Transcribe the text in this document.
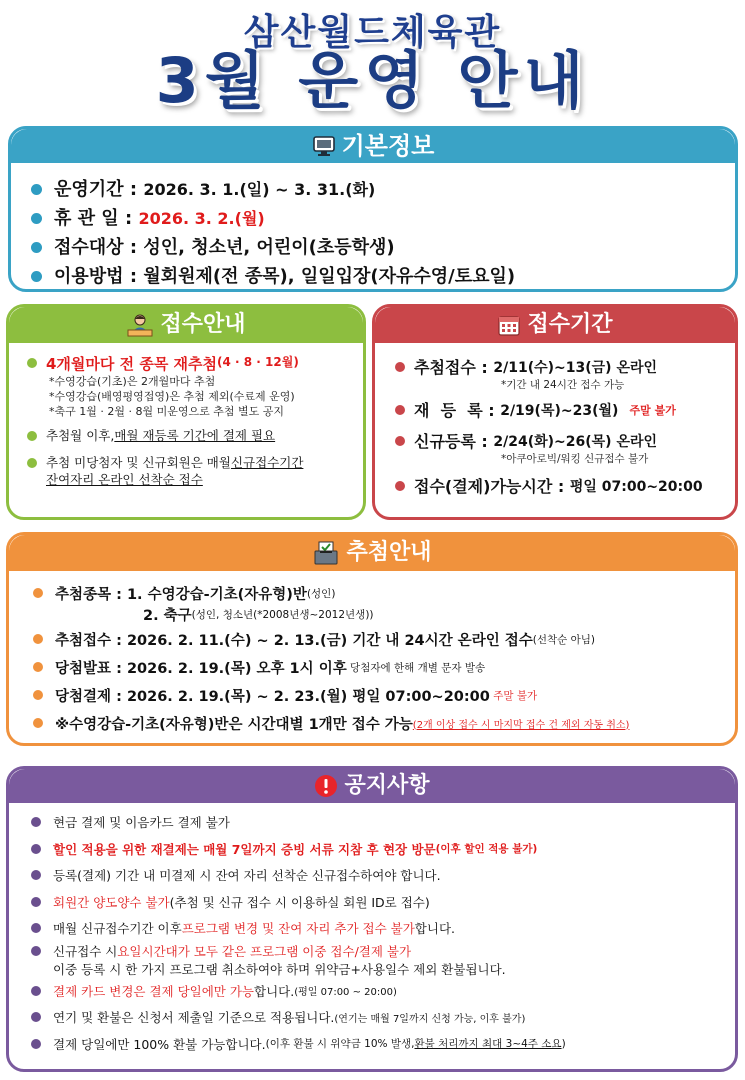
삼산월드체육관
3월 운영 안내
기본정보
운영기간 :
2026. 3. 1.(일) ~ 3. 31.(화)
휴 관 일 :
2026. 3. 2.(월)
접수대상 :
성인, 청소년, 어린이(초등학생)
이용방법 :
월회원제(전 종목), 일일입장(자유수영/토요일)
접수안내
4개월마다 전 종목 재추첨 (4 · 8 · 12월)
*수영강습(기초)은 2개월마다 추첨
*수영강습(배영평영접영)은 추첨 제외(수료제 운영)
*축구 1월 · 2월 · 8월 미운영으로 추첨 별도 공지
추첨월 이후, 매월 재등록 기간에 결제 필요
추첨 미당첨자 및 신규회원은 매월 신규접수기간
잔여자리 온라인 선착순 접수
접수기간
추첨접수 :
2/11(수)~13(금) 온라인
*기간 내 24시간 접수 가능
재  등  록 :
2/19(목)~23(월)
주말 불가
신규등록 :
2/24(화)~26(목) 온라인
*아쿠아로빅/워킹 신규접수 불가
접수(결제)가능시간 :
평일 07:00~20:00
추첨안내
추첨종목 :
1. 수영강습-기초(자유형)반 (성인)
2. 축구 (성인, 청소년(*2008년생~2012년생))
추첨접수 :
2026. 2. 11.(수) ~ 2. 13.(금) 기간 내 24시간 온라인 접수 (선착순 아님)
당첨발표 :
2026. 2. 19.(목) 오후 1시 이후 당첨자에 한해 개별 문자 발송
당첨결제 :
2026. 2. 19.(목) ~ 2. 23.(월) 평일 07:00~20:00 주말 불가
※수영강습-기초(자유형)반은 시간대별 1개만 접수 가능 (2개 이상 접수 시 마지막 접수 건 제외 자동 취소)
공지사항
현금 결제 및 이음카드 결제 불가
할인 적용을 위한 재결제는 매월 7일까지 증빙 서류 지참 후 현장 방문 (이후 할인 적용 불가)
등록(결제) 기간 내 미결제 시 잔여 자리 선착순 신규접수하여야 합니다.
회원간 양도양수 불가 (추첨 및 신규 접수 시 이용하실 회원 ID로 접수)
매월 신규접수기간 이후 프로그램 변경 및 잔여 자리 추가 접수 불가 합니다.
신규접수 시 요일시간대가 모두 같은 프로그램 이중 접수/결제 불가
이중 등록 시 한 가지 프로그램 취소하여야 하며 위약금+사용일수 제외 환불됩니다.
결제 카드 변경은 결제 당일에만 가능 합니다. (평일 07:00 ~ 20:00)
연기 및 환불은 신청서 제출일 기준으로 적용됩니다. (연기는 매월 7일까지 신청 가능, 이후 불가)
결제 당일에만 100% 환불 가능합니다. (이후 환불 시 위약금 10% 발생, 환불 처리까지 최대 3~4주 소요 )
